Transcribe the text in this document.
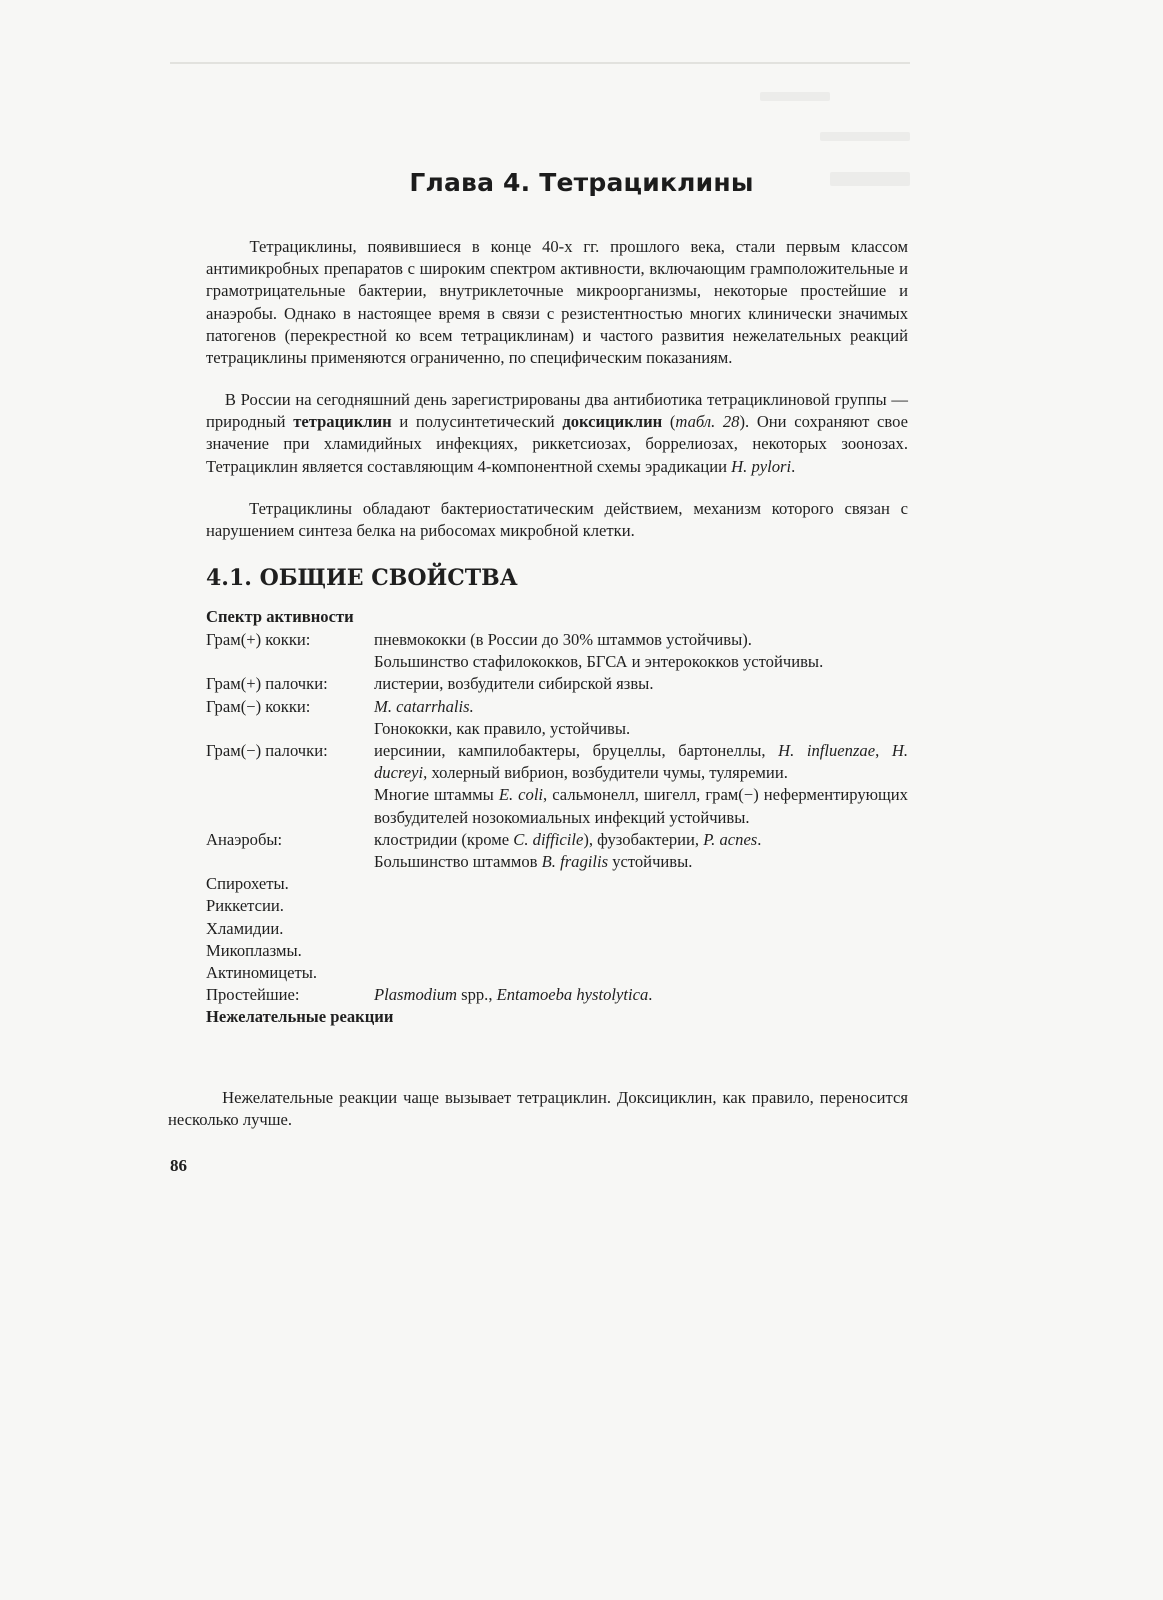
Глава 4. Тетрациклины

Тетрациклины, появившиеся в конце 40-х гг. прошлого века, стали первым классом антимикробных препаратов с широким спектром активности, включающим грамположительные и грамотрицательные бактерии, внутриклеточные микроорганизмы, некоторые простейшие и анаэробы. Однако в настоящее время в связи с резистентностью многих клинически значимых патогенов (перекрестной ко всем тетрациклинам) и частого развития нежелательных реакций тетрациклины применяются ограниченно, по специфическим показаниям.

В России на сегодняшний день зарегистрированы два антибиотика тетрациклиновой группы — природный тетрациклин и полусинтетический доксициклин (табл. 28). Они сохраняют свое значение при хламидийных инфекциях, риккетсиозах, боррелиозах, некоторых зоонозах. Тетрациклин является составляющим 4-компонентной схемы эрадикации H. pylori.

Тетрациклины обладают бактериостатическим действием, механизм которого связан с нарушением синтеза белка на рибосомах микробной клетки.

4.1. ОБЩИЕ СВОЙСТВА
Спектр активности
Грам(+) кокки:	пневмококки (в России до 30% штаммов устойчивы).
Большинство стафилококков, БГСА и энтерококков устойчивы.
Грам(+) палочки:	листерии, возбудители сибирской язвы.
Грам(−) кокки:	M. catarrhalis.
Гонококки, как правило, устойчивы.
Грам(−) палочки:	иерсинии, кампилобактеры, бруцеллы, бартонеллы, H. influenzae, H. ducreyi, холерный вибрион, возбудители чумы, туляремии.
Многие штаммы E. coli, сальмонелл, шигелл, грам(−) неферментирующих возбудителей нозокомиальных инфекций устойчивы.
Анаэробы:	клостридии (кроме C. difficile), фузобактерии, P. acnes.
Большинство штаммов B. fragilis устойчивы.
Спирохеты.
Риккетсии.
Хламидии.
Микоплазмы.
Актиномицеты.
Простейшие:	Plasmodium spp., Entamoeba hystolytica.
Нежелательные реакции
Нежелательные реакции чаще вызывает тетрациклин. Доксициклин, как правило, переносится несколько лучше.
86
